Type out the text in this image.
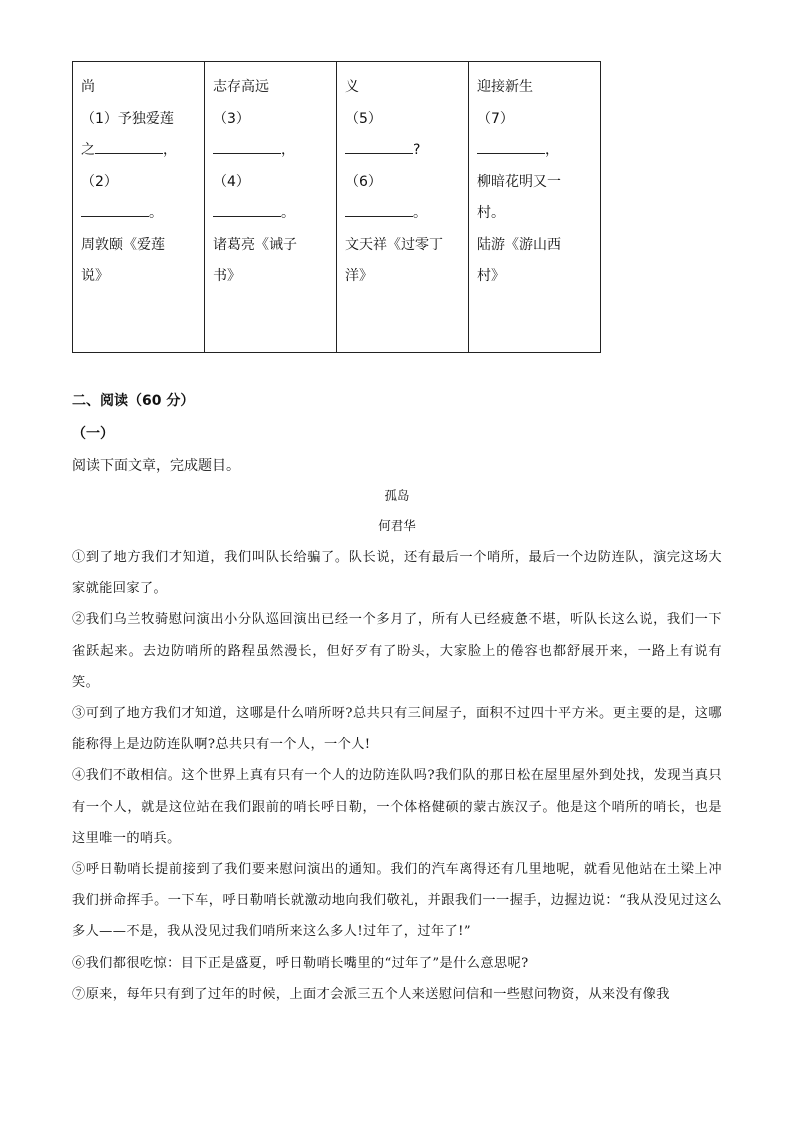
尚
（1）予独爱莲
之	，
（2）
。
周敦颐《爱莲
说》

志存高远
（3）
，
（4）
。
诸葛亮《诫子
书》

义
（5）
?
（6）
。
文天祥《过零丁
洋》

迎接新生
（7）
，
柳暗花明又一
村。
陆游《游山西
村》
二、阅读（60 分）
（一）
阅读下面文章，完成题目。
孤岛
何君华

①到了地方我们才知道，我们叫队长给骗了。队长说，还有最后一个哨所，最后一个边防连队，演完这场大家就能回家了。

②我们乌兰牧骑慰问演出小分队巡回演出已经一个多月了，所有人已经疲惫不堪，听队长这么说，我们一下雀跃起来。去边防哨所的路程虽然漫长，但好歹有了盼头，大家脸上的倦容也都舒展开来，一路上有说有笑。

③可到了地方我们才知道，这哪是什么哨所呀?总共只有三间屋子，面积不过四十平方米。更主要的是，这哪能称得上是边防连队啊?总共只有一个人，一个人!

④我们不敢相信。这个世界上真有只有一个人的边防连队吗?我们队的那日松在屋里屋外到处找，发现当真只有一个人，就是这位站在我们跟前的哨长呼日勒，一个体格健硕的蒙古族汉子。他是这个哨所的哨长，也是这里唯一的哨兵。

⑤呼日勒哨长提前接到了我们要来慰问演出的通知。我们的汽车离得还有几里地呢，就看见他站在土梁上冲我们拼命挥手。一下车，呼日勒哨长就激动地向我们敬礼，并跟我们一一握手，边握边说：“我从没见过这么多人——不是，我从没见过我们哨所来这么多人!过年了，过年了!”

⑥我们都很吃惊：目下正是盛夏，呼日勒哨长嘴里的“过年了”是什么意思呢?

⑦原来，每年只有到了过年的时候，上面才会派三五个人来送慰问信和一些慰问物资，从来没有像我
